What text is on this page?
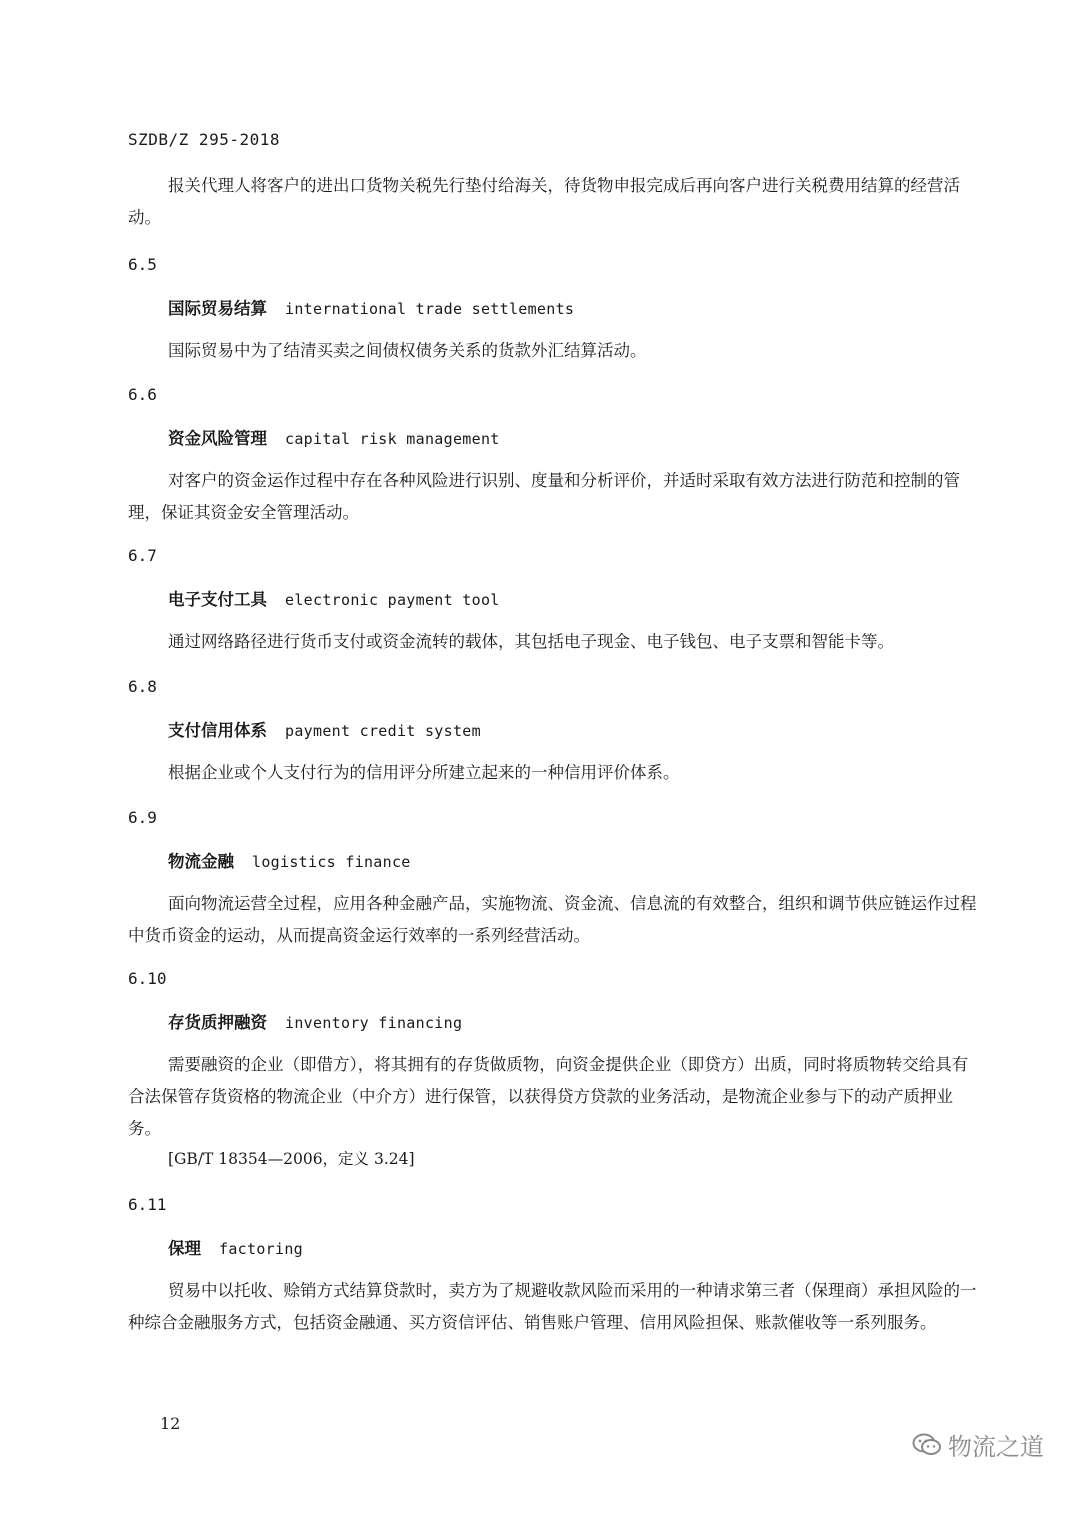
SZDB/Z 295-2018

报关代理人将客户的进出口货物关税先行垫付给海关，待货物申报完成后再向客户进行关税费用结算的经营活动。

6.5
国际贸易结算 international trade settlements

国际贸易中为了结清买卖之间债权债务关系的货款外汇结算活动。

6.6
资金风险管理 capital risk management

对客户的资金运作过程中存在各种风险进行识别、度量和分析评价，并适时采取有效方法进行防范和控制的管理，保证其资金安全管理活动。

6.7
电子支付工具 electronic payment tool

通过网络路径进行货币支付或资金流转的载体，其包括电子现金、电子钱包、电子支票和智能卡等。

6.8
支付信用体系 payment credit system

根据企业或个人支付行为的信用评分所建立起来的一种信用评价体系。

6.9
物流金融 logistics finance

面向物流运营全过程，应用各种金融产品，实施物流、资金流、信息流的有效整合，组织和调节供应链运作过程中货币资金的运动，从而提高资金运行效率的一系列经营活动。

6.10
存货质押融资 inventory financing

需要融资的企业（即借方），将其拥有的存货做质物，向资金提供企业（即贷方）出质，同时将质物转交给具有合法保管存货资格的物流企业（中介方）进行保管，以获得贷方贷款的业务活动，是物流企业参与下的动产质押业务。

[GB/T 18354—2006，定义 3.24]

6.11
保理 factoring

贸易中以托收、赊销方式结算贷款时，卖方为了规避收款风险而采用的一种请求第三者（保理商）承担风险的一种综合金融服务方式，包括资金融通、买方资信评估、销售账户管理、信用风险担保、账款催收等一系列服务。

12
物流之道
